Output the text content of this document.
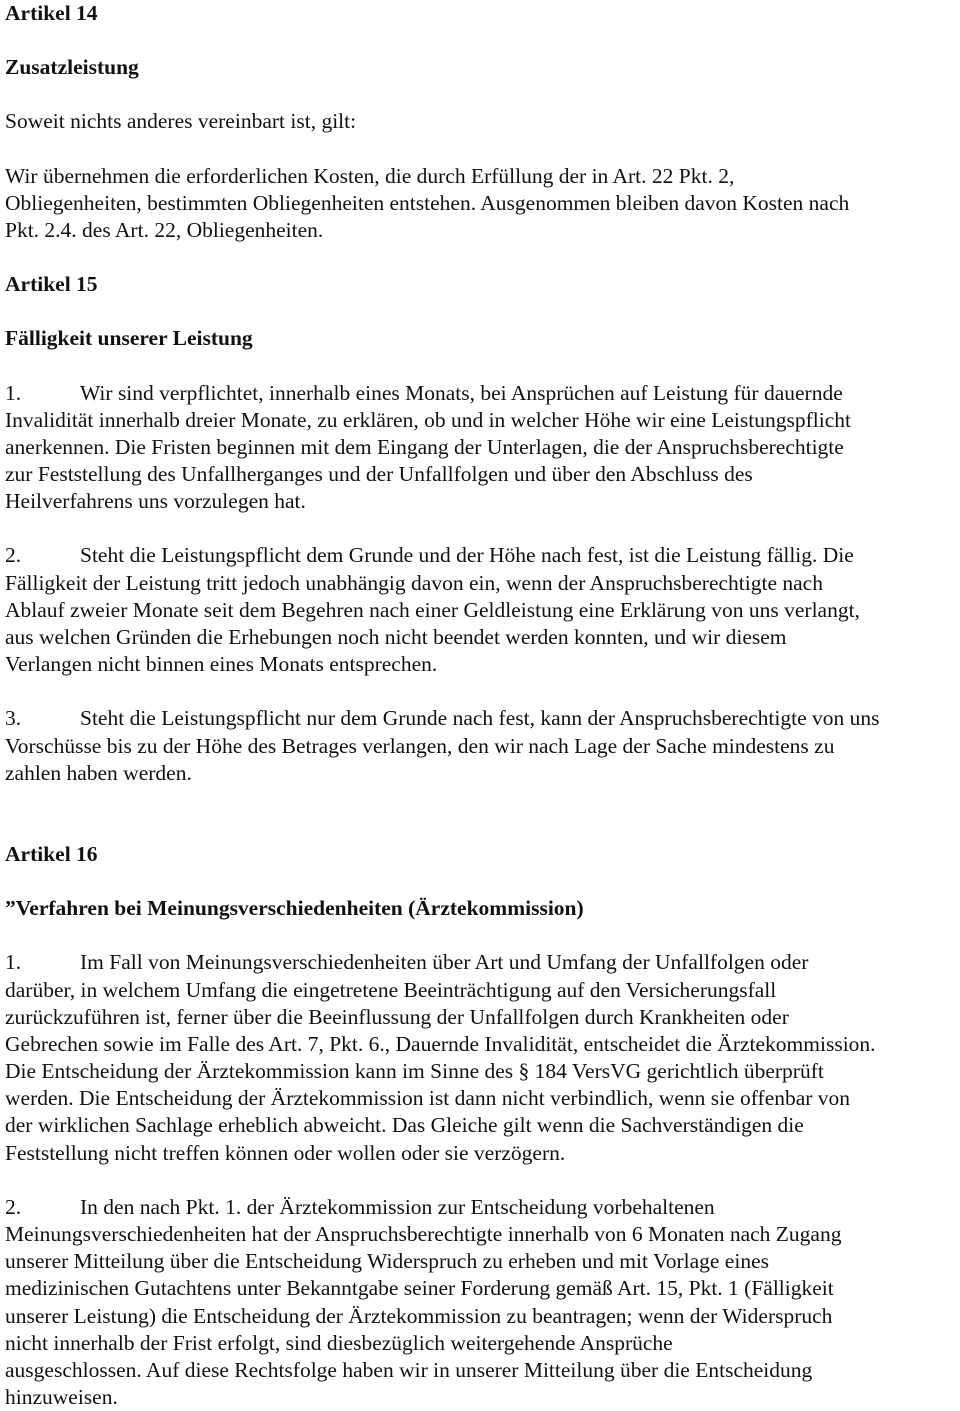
Artikel 14
Zusatzleistung
Soweit nichts anderes vereinbart ist, gilt:
Wir übernehmen die erforderlichen Kosten, die durch Erfüllung der in Art. 22 Pkt. 2,
Obliegenheiten, bestimmten Obliegenheiten entstehen. Ausgenommen bleiben davon Kosten nach
Pkt. 2.4. des Art. 22, Obliegenheiten.
Artikel 15
Fälligkeit unserer Leistung
1.	Wir sind verpflichtet, innerhalb eines Monats, bei Ansprüchen auf Leistung für dauernde
Invalidität innerhalb dreier Monate, zu erklären, ob und in welcher Höhe wir eine Leistungspflicht
anerkennen. Die Fristen beginnen mit dem Eingang der Unterlagen, die der Anspruchsberechtigte
zur Feststellung des Unfallherganges und der Unfallfolgen und über den Abschluss des
Heilverfahrens uns vorzulegen hat.
2.	Steht die Leistungspflicht dem Grunde und der Höhe nach fest, ist die Leistung fällig. Die
Fälligkeit der Leistung tritt jedoch unabhängig davon ein, wenn der Anspruchsberechtigte nach
Ablauf zweier Monate seit dem Begehren nach einer Geldleistung eine Erklärung von uns verlangt,
aus welchen Gründen die Erhebungen noch nicht beendet werden konnten, und wir diesem
Verlangen nicht binnen eines Monats entsprechen.
3.	Steht die Leistungspflicht nur dem Grunde nach fest, kann der Anspruchsberechtigte von uns
Vorschüsse bis zu der Höhe des Betrages verlangen, den wir nach Lage der Sache mindestens zu
zahlen haben werden.
Artikel 16
”Verfahren bei Meinungsverschiedenheiten (Ärztekommission)
1.	Im Fall von Meinungsverschiedenheiten über Art und Umfang der Unfallfolgen oder
darüber, in welchem Umfang die eingetretene Beeinträchtigung auf den Versicherungsfall
zurückzuführen ist, ferner über die Beeinflussung der Unfallfolgen durch Krankheiten oder
Gebrechen sowie im Falle des Art. 7, Pkt. 6., Dauernde Invalidität, entscheidet die Ärztekommission.
Die Entscheidung der Ärztekommission kann im Sinne des § 184 VersVG gerichtlich überprüft
werden. Die Entscheidung der Ärztekommission ist dann nicht verbindlich, wenn sie offenbar von
der wirklichen Sachlage erheblich abweicht. Das Gleiche gilt wenn die Sachverständigen die
Feststellung nicht treffen können oder wollen oder sie verzögern.
2.	In den nach Pkt. 1. der Ärztekommission zur Entscheidung vorbehaltenen
Meinungsverschiedenheiten hat der Anspruchsberechtigte innerhalb von 6 Monaten nach Zugang
unserer Mitteilung über die Entscheidung Widerspruch zu erheben und mit Vorlage eines
medizinischen Gutachtens unter Bekanntgabe seiner Forderung gemäß Art. 15, Pkt. 1 (Fälligkeit
unserer Leistung) die Entscheidung der Ärztekommission zu beantragen; wenn der Widerspruch
nicht innerhalb der Frist erfolgt, sind diesbezüglich weitergehende Ansprüche
ausgeschlossen. Auf diese Rechtsfolge haben wir in unserer Mitteilung über die Entscheidung
hinzuweisen.
